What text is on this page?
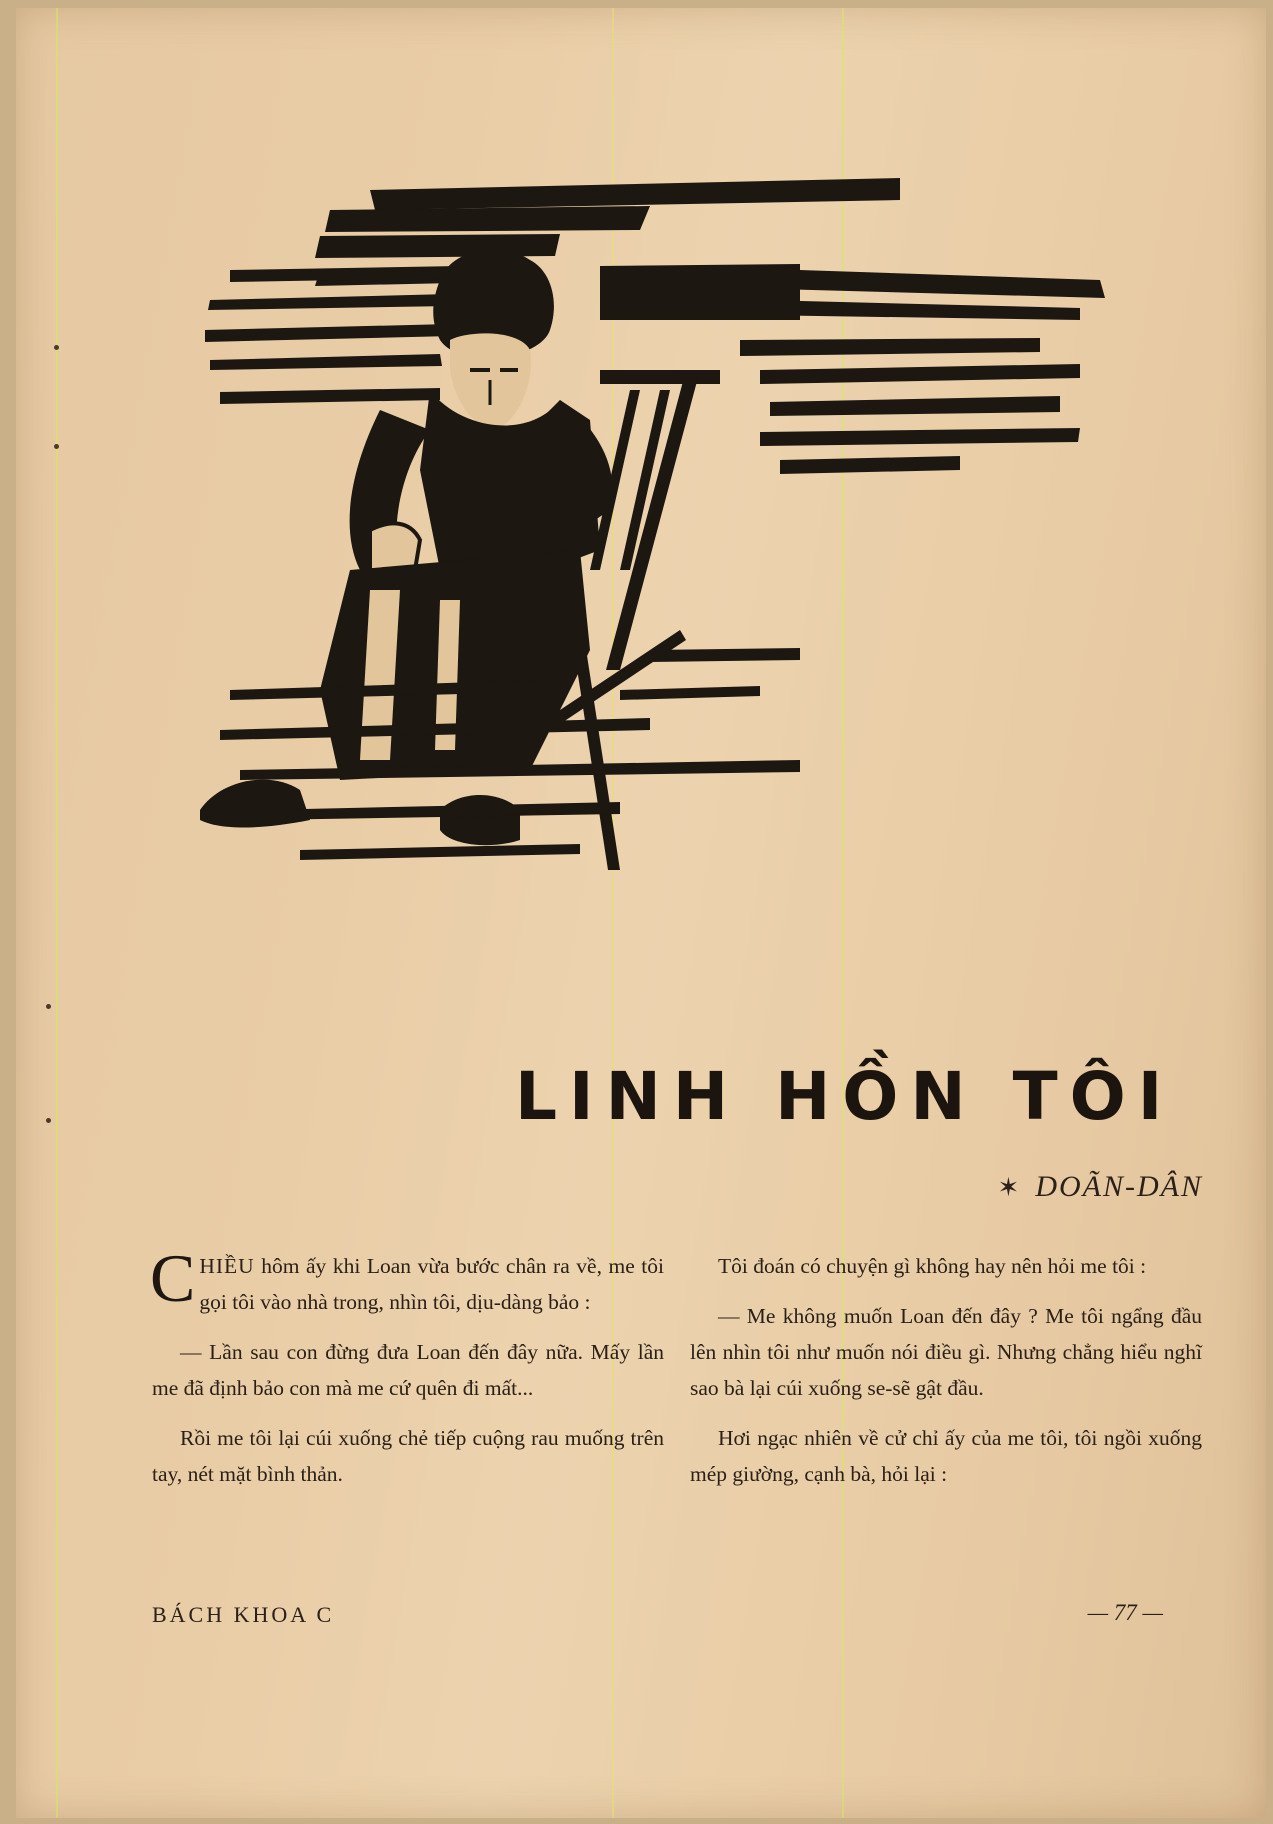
LINH HỒN TÔI
✶ DOÃN-DÂN

CHIỀU hôm ấy khi Loan vừa bước chân ra về, me tôi gọi tôi vào nhà trong, nhìn tôi, dịu-dàng bảo :

— Lần sau con đừng đưa Loan đến đây nữa. Mấy lần me đã định bảo con mà me cứ quên đi mất...

Rồi me tôi lại cúi xuống chẻ tiếp cuộng rau muống trên tay, nét mặt bình thản.

Tôi đoán có chuyện gì không hay nên hỏi me tôi :

— Me không muốn Loan đến đây ? Me tôi ngẩng đầu lên nhìn tôi như muốn nói điều gì. Nhưng chẳng hiểu nghĩ sao bà lại cúi xuống se-sẽ gật đầu.

Hơi ngạc nhiên về cử chỉ ấy của me tôi, tôi ngồi xuống mép giường, cạnh bà, hỏi lại :

BÁCH KHOA C	— 77 —
